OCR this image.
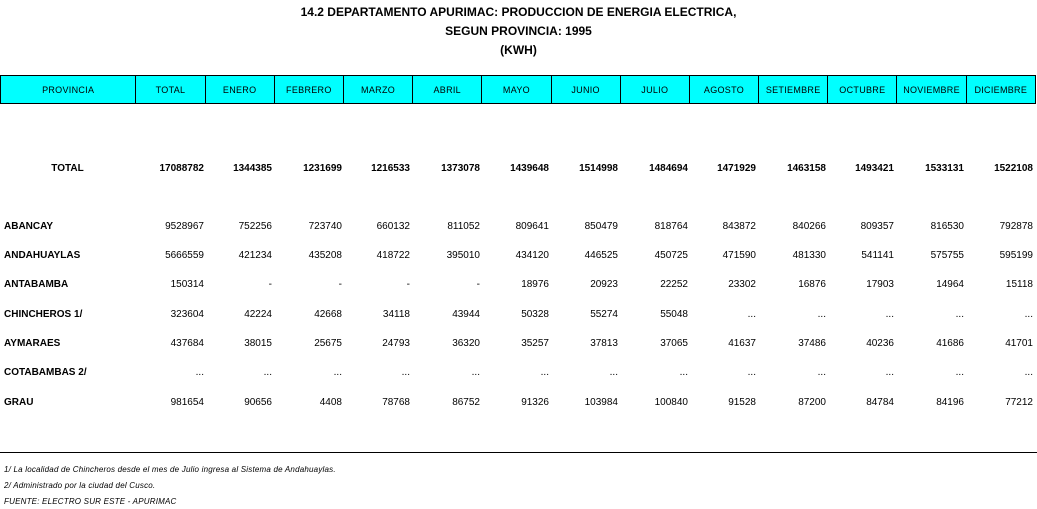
14.2 DEPARTAMENTO APURIMAC: PRODUCCION DE ENERGIA ELECTRICA,
SEGUN PROVINCIA: 1995
(KWH)
PROVINCIA	TOTAL	ENERO	FEBRERO	MARZO	ABRIL	MAYO	JUNIO	JULIO	AGOSTO	SETIEMBRE	OCTUBRE	NOVIEMBRE	DICIEMBRE
TOTAL	17088782	1344385	1231699	1216533	1373078	1439648	1514998	1484694	1471929	1463158	1493421	1533131	1522108
ABANCAY	9528967	752256	723740	660132	811052	809641	850479	818764	843872	840266	809357	816530	792878
ANDAHUAYLAS	5666559	421234	435208	418722	395010	434120	446525	450725	471590	481330	541141	575755	595199
ANTABAMBA	150314	-	-	-	-	18976	20923	22252	23302	16876	17903	14964	15118
CHINCHEROS 1/	323604	42224	42668	34118	43944	50328	55274	55048	...	...	...	...	...
AYMARAES	437684	38015	25675	24793	36320	35257	37813	37065	41637	37486	40236	41686	41701
COTABAMBAS 2/	...	...	...	...	...	...	...	...	...	...	...	...	...
GRAU	981654	90656	4408	78768	86752	91326	103984	100840	91528	87200	84784	84196	77212
1/ La localidad de Chincheros desde el mes de Julio ingresa al Sistema de Andahuaylas.
2/ Administrado por la ciudad del Cusco.
FUENTE: ELECTRO SUR ESTE - APURIMAC
